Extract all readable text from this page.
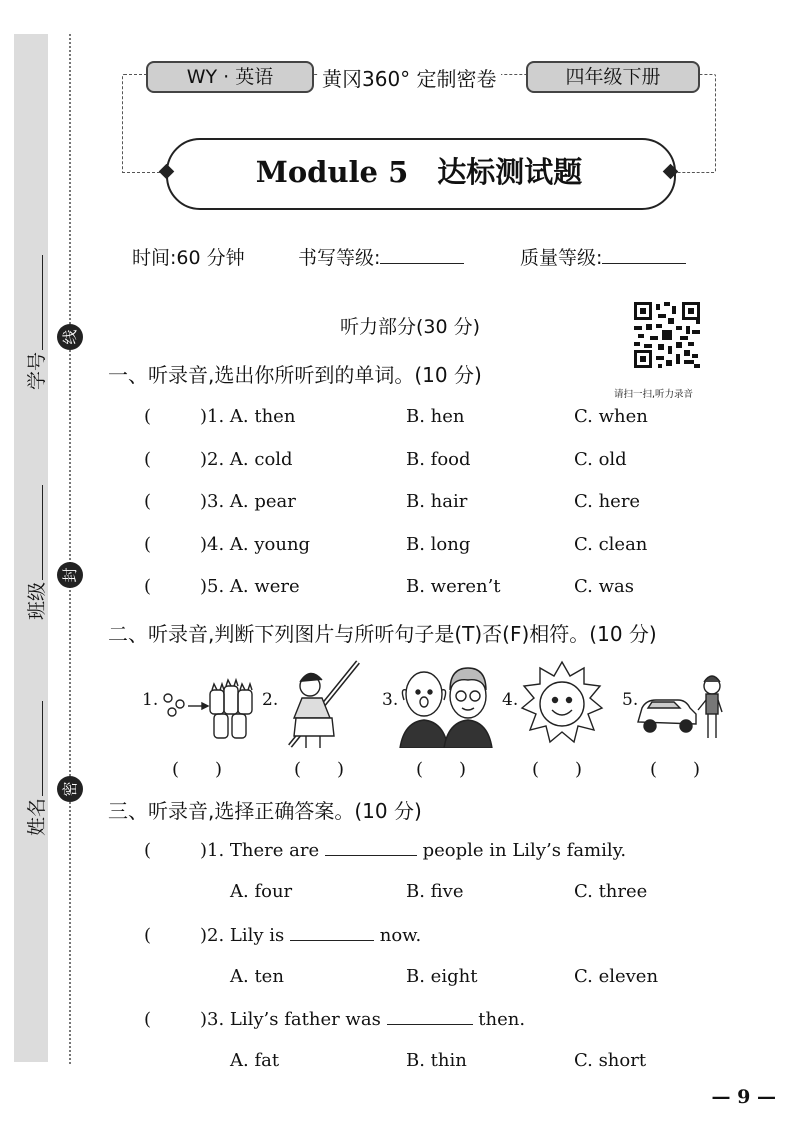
学号
班级
姓名
线
封
密
WY · 英语	黄冈360° 定制密卷	四年级下册
Module 5　达标测试题
时间:60 分钟	书写等级:	质量等级:
听力部分(30 分)
请扫一扫,听力录音
一、听录音,选出你所听到的单词。(10 分)
(	)1. A. then	B. hen	C. when
(	)2. A. cold	B. food	C. old
(	)3. A. pear	B. hair	C. here
(	)4. A. young	B. long	C. clean
(	)5. A. were	B. weren’t	C. was
二、听录音,判断下列图片与所听句子是(T)否(F)相符。(10 分)
1.	2.	3.	4.	5.
(　　)	(　　)	(　　)	(　　)	(　　)
三、听录音,选择正确答案。(10 分)
(	)1. There are	people in Lily’s family.
A. four	B. five	C. three
(	)2. Lily is	now.
A. ten	B. eight	C. eleven
(	)3. Lily’s father was	then.
A. fat	B. thin	C. short
— 9 —
